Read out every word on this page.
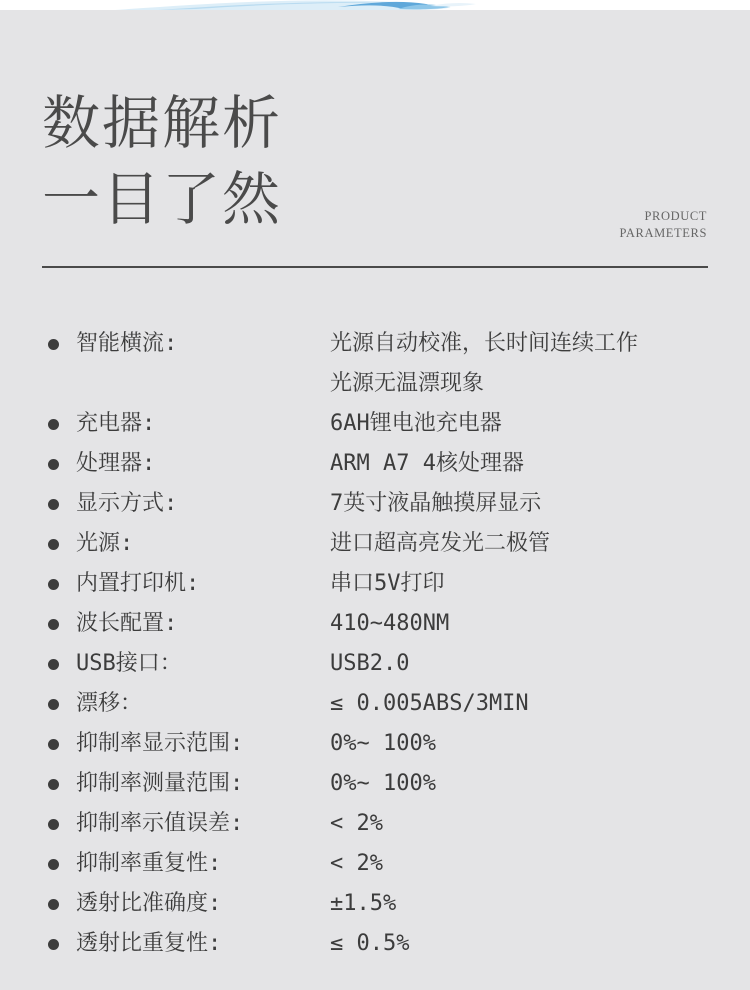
数据解析
一目了然	PRODUCT
PARAMETERS
智能横流:	光源自动校准，长时间连续工作
光源无温漂现象
充电器:	6AH锂电池充电器
处理器:	ARM A7 4核处理器
显示方式:	7英寸液晶触摸屏显示
光源:	进口超高亮发光二极管
内置打印机:	串口5V打印
波长配置:	410~480NM
USB接口：	USB2.0
漂移：	≤ 0.005ABS/3MIN
抑制率显示范围:	0%~ 100%
抑制率测量范围:	0%~ 100%
抑制率示值误差:	< 2%
抑制率重复性:	< 2%
透射比准确度:	±1.5%
透射比重复性:	≤ 0.5%
